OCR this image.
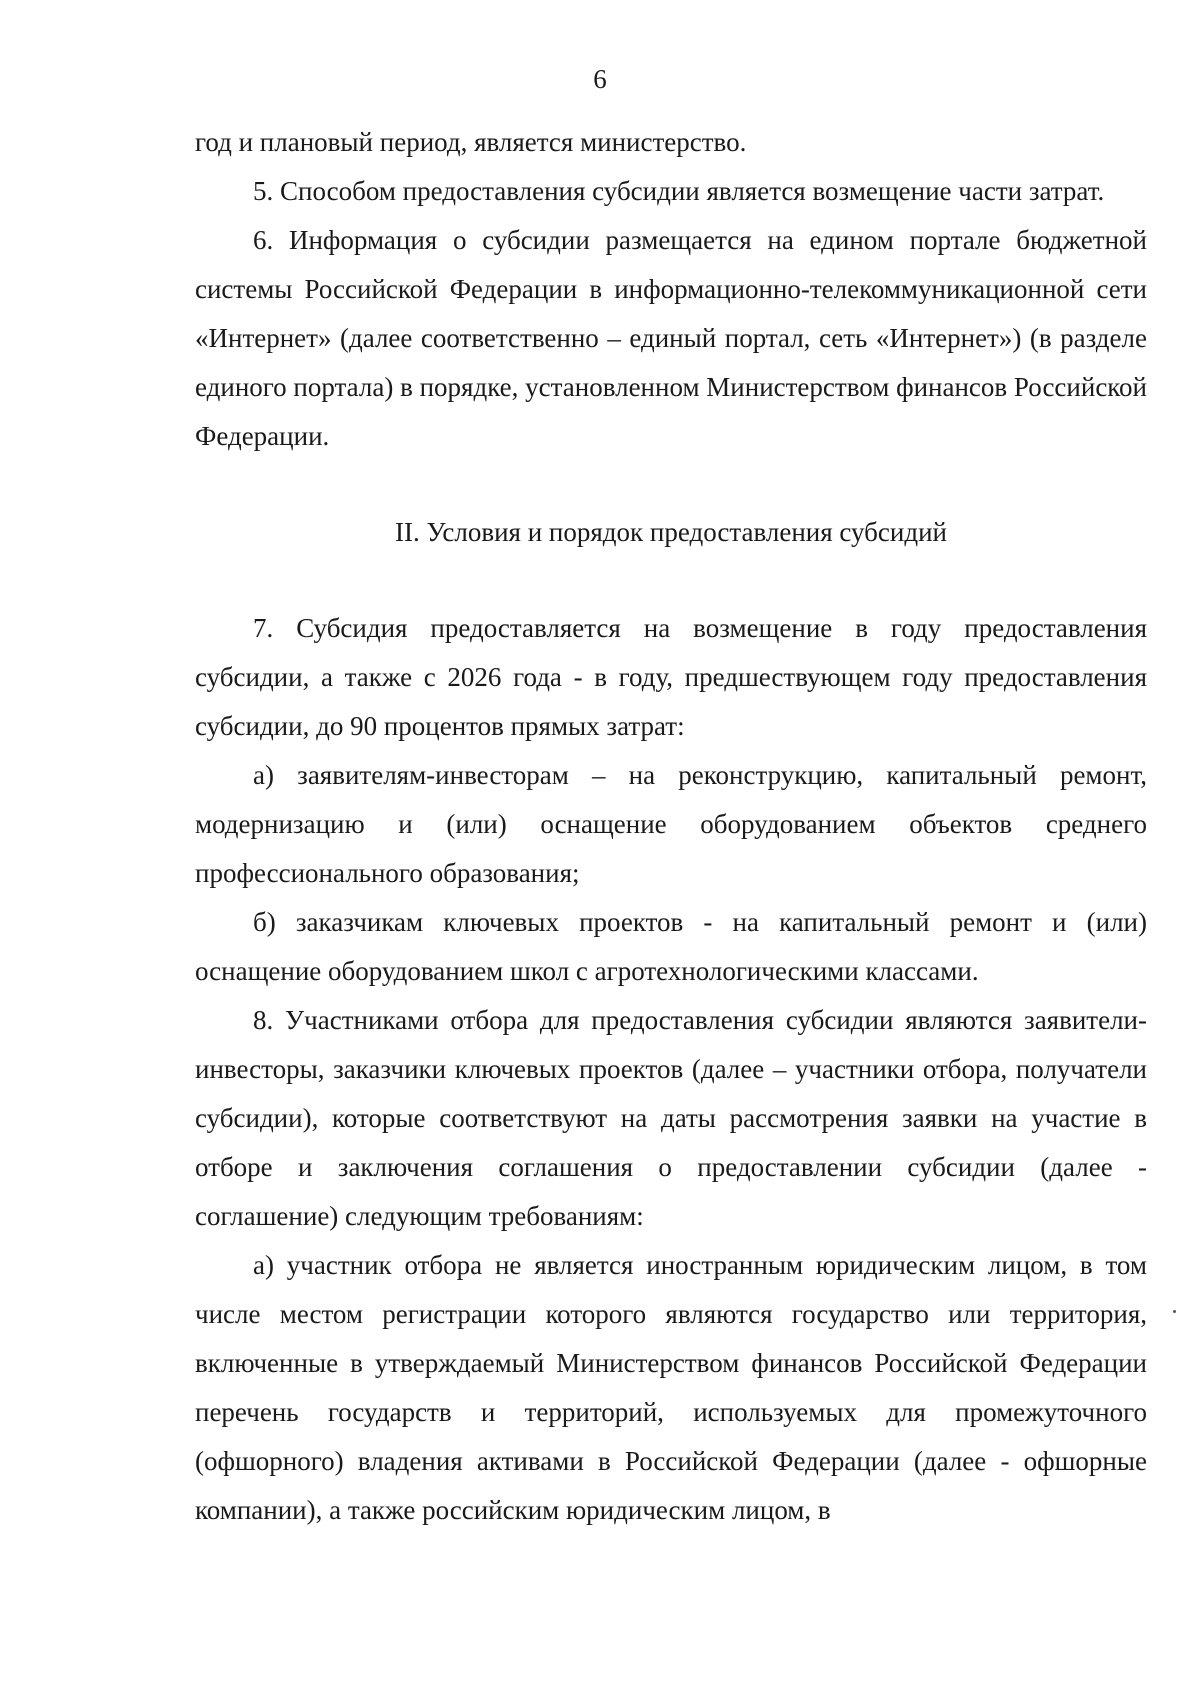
6

год и плановый период, является министерство.

5. Способом предоставления субсидии является возмещение части затрат.

6. Информация о субсидии размещается на едином портале бюджетной системы Российской Федерации в информационно-телекоммуникационной сети «Интернет» (далее соответственно – единый портал, сеть «Интернет») (в разделе единого портала) в порядке, установленном Министерством финансов Российской Федерации.

II. Условия и порядок предоставления субсидий

7. Субсидия предоставляется на возмещение в году предоставления субсидии, а также с 2026 года - в году, предшествующем году предоставления субсидии, до 90 процентов прямых затрат:

а) заявителям-инвесторам – на реконструкцию, капитальный ремонт, модернизацию и (или) оснащение оборудованием объектов среднего профессионального образования;

б) заказчикам ключевых проектов - на капитальный ремонт и (или) оснащение оборудованием школ с агротехнологическими классами.

8. Участниками отбора для предоставления субсидии являются заявители-инвесторы, заказчики ключевых проектов (далее – участники отбора, получатели субсидии), которые соответствуют на даты рассмотрения заявки на участие в отборе и заключения соглашения о предоставлении субсидии (далее - соглашение) следующим требованиям:

а) участник отбора не является иностранным юридическим лицом, в том числе местом регистрации которого являются государство или территория, включенные в утверждаемый Министерством финансов Российской Федерации перечень государств и территорий, используемых для промежуточного (офшорного) владения активами в Российской Федерации (далее - офшорные компании), а также российским юридическим лицом, в
